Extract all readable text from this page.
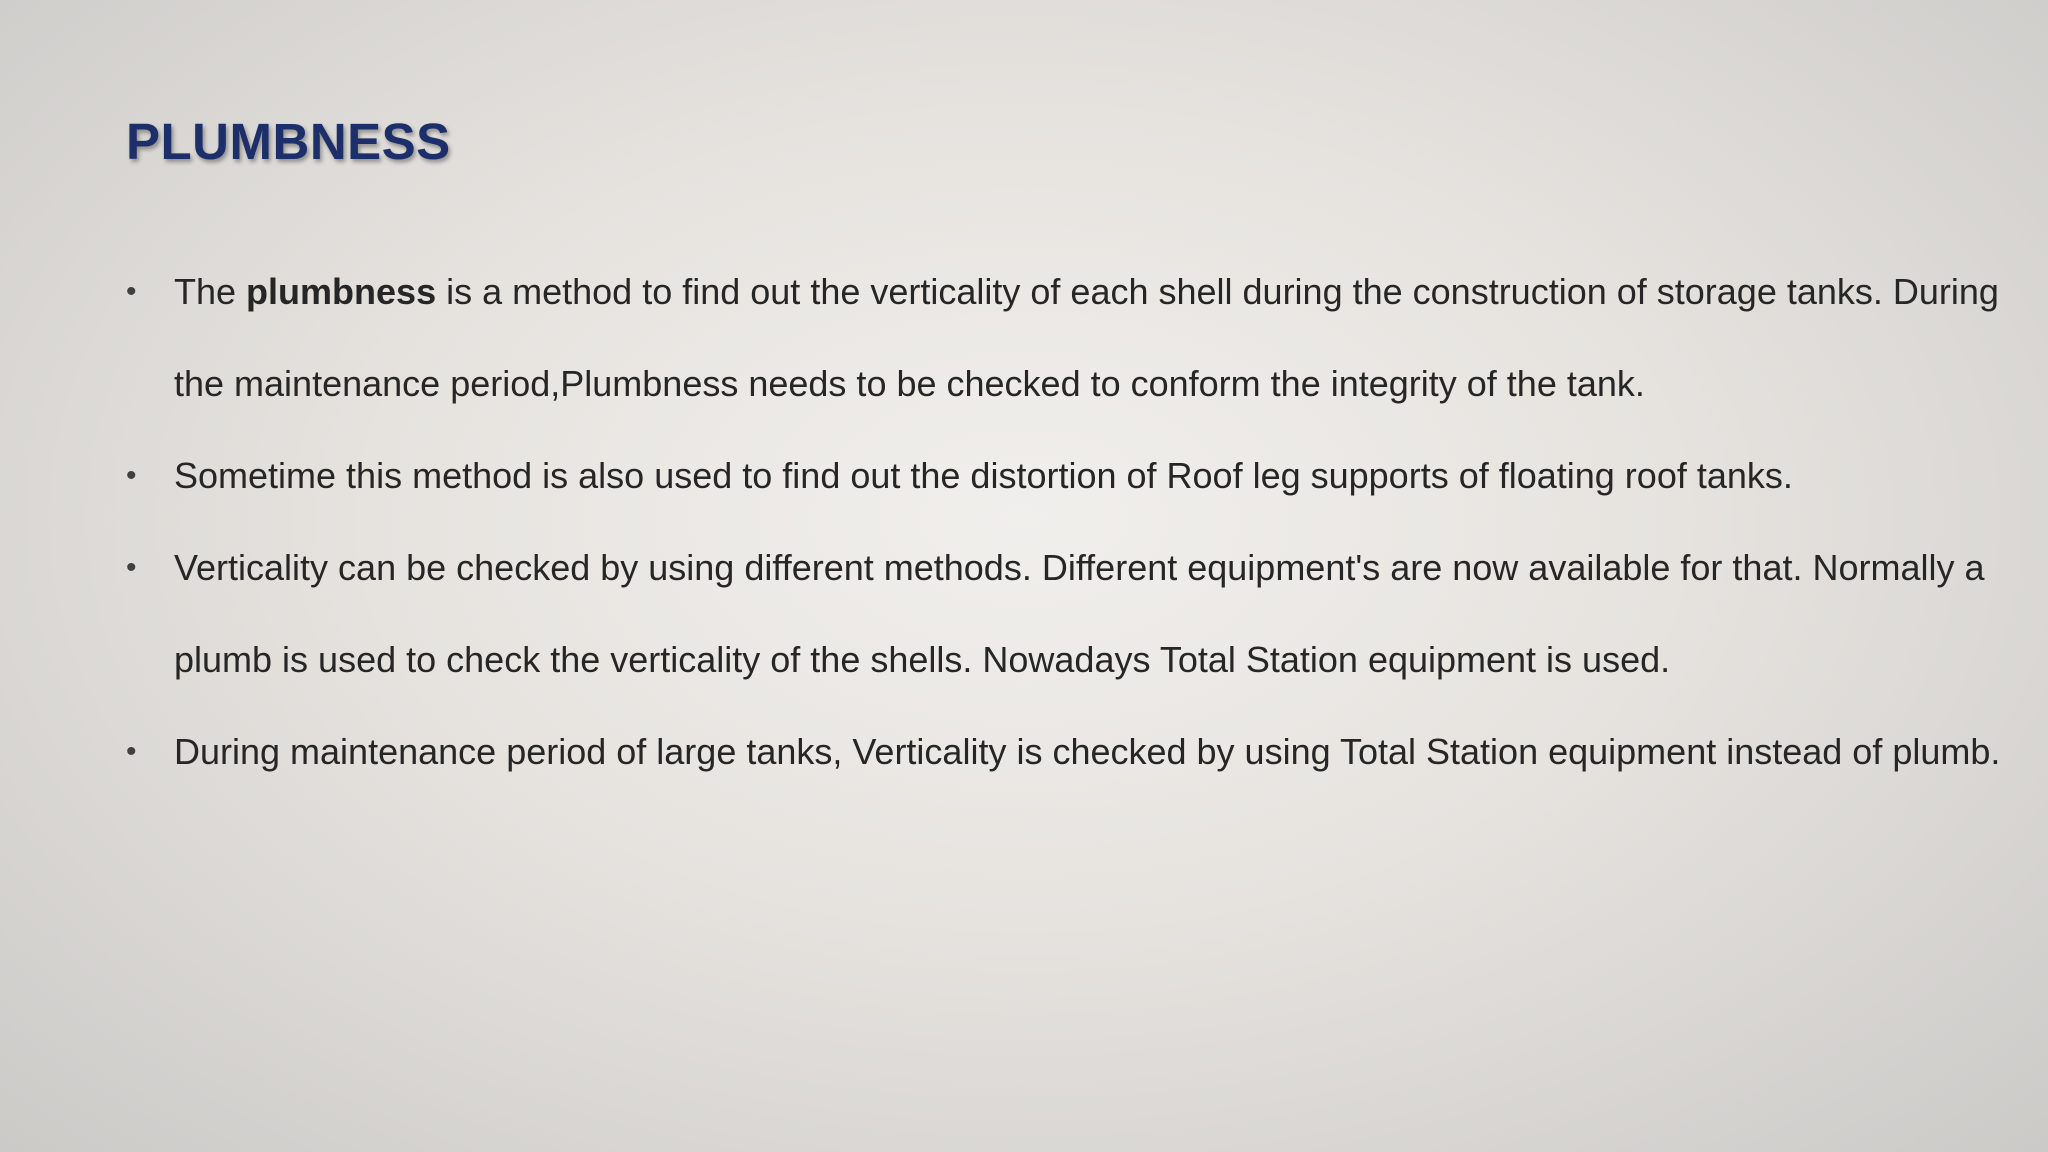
PLUMBNESS
• The plumbness is a method to find out the verticality of each shell during the construction of storage tanks. During the maintenance period,Plumbness needs to be checked to conform the integrity of the tank.
• Sometime this method is also used to find out the distortion of Roof leg supports of floating roof tanks.
• Verticality can be checked by using different methods. Different equipment's are now available for that. Normally a plumb is used to check the verticality of the shells. Nowadays Total Station equipment is used.
• During maintenance period of large tanks, Verticality is checked by using Total Station equipment instead of plumb.
